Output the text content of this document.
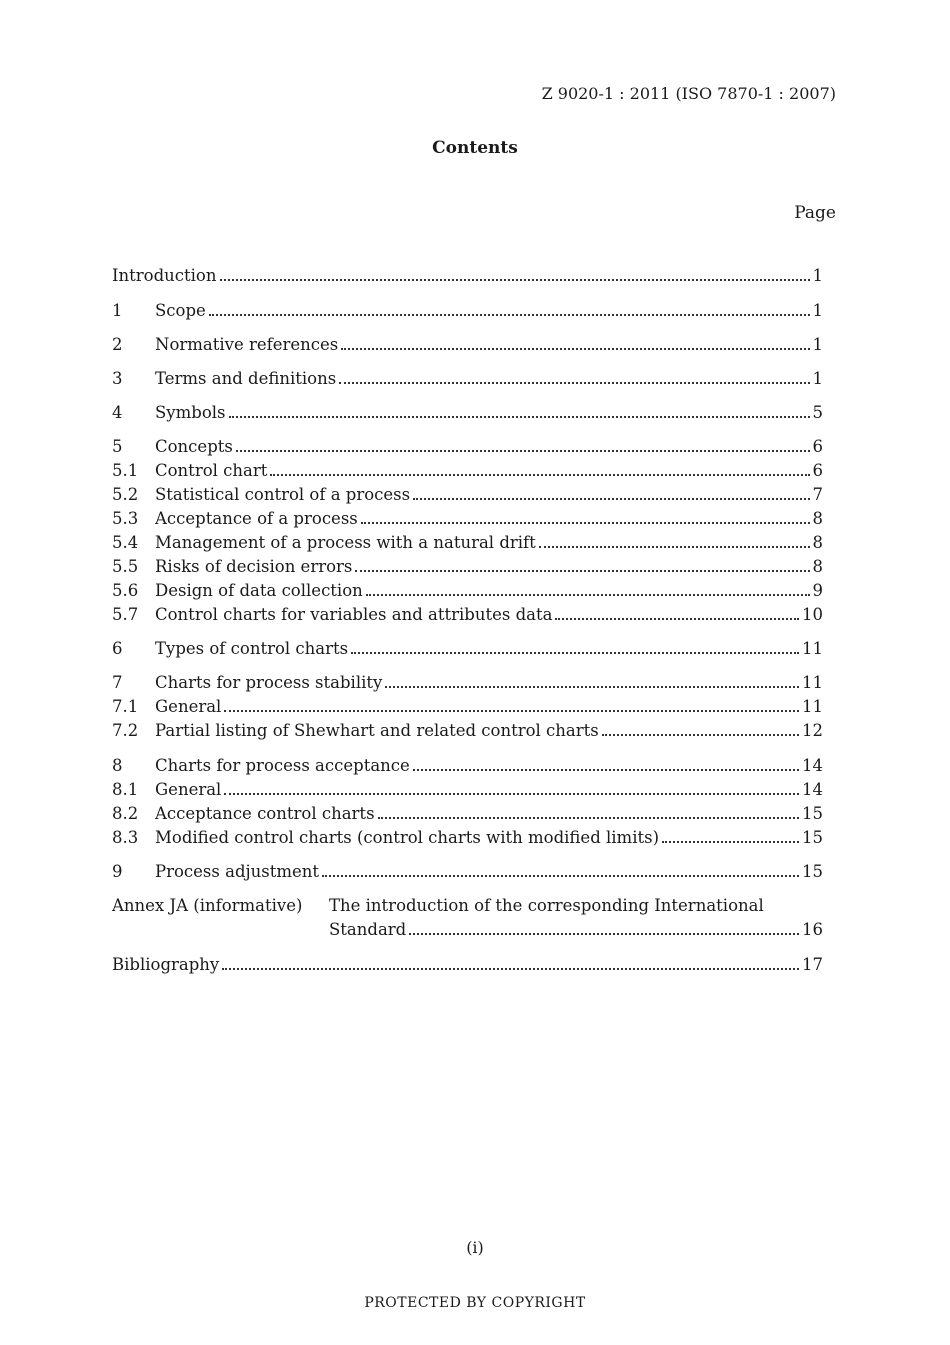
Z 9020-1 : 2011 (ISO 7870-1 : 2007)
Contents
Page
Introduction	1
1	Scope	1
2	Normative references	1
3	Terms and definitions	1
4	Symbols	5
5	Concepts	6
5.1	Control chart	6
5.2	Statistical control of a process	7
5.3	Acceptance of a process	8
5.4	Management of a process with a natural drift	8
5.5	Risks of decision errors	8
5.6	Design of data collection	9
5.7	Control charts for variables and attributes data	10
6	Types of control charts	11
7	Charts for process stability	11
7.1	General	11
7.2	Partial listing of Shewhart and related control charts	12
8	Charts for process acceptance	14
8.1	General	14
8.2	Acceptance control charts	15
8.3	Modified control charts (control charts with modified limits)	15
9	Process adjustment	15
Annex JA (informative) The introduction of the corresponding International
Standard	16
Bibliography	17
(i)
PROTECTED BY COPYRIGHT
